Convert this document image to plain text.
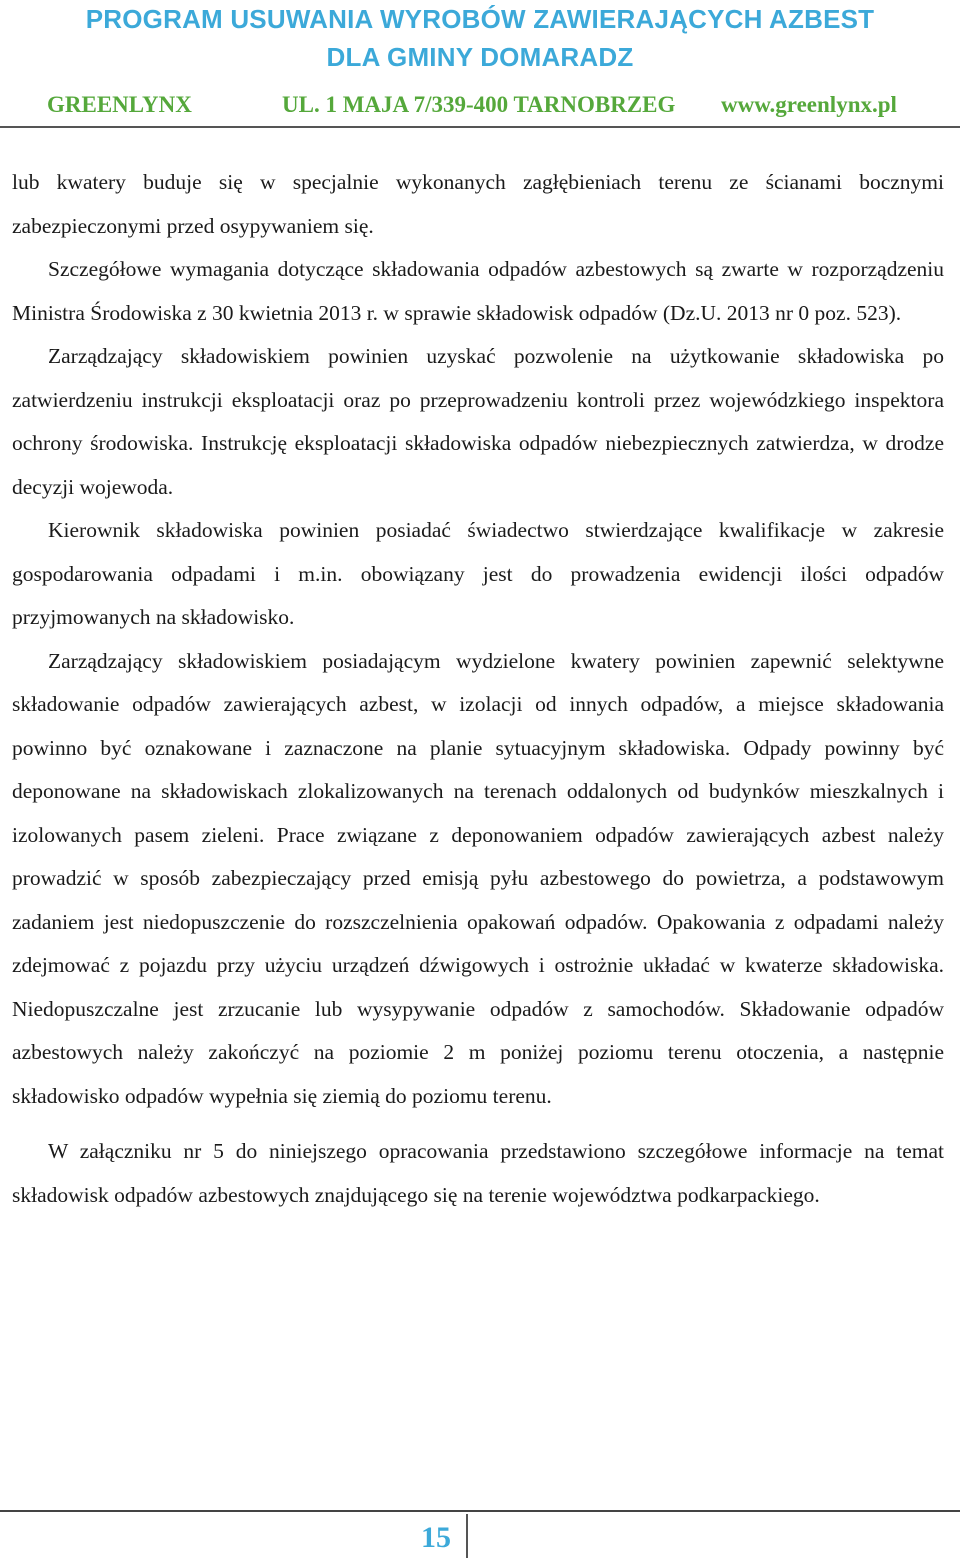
PROGRAM USUWANIA WYROBÓW ZAWIERAJĄCYCH AZBEST
DLA GMINY DOMARADZ
GREENLYNX	UL. 1 MAJA 7/3 39-400 TARNOBRZEG www.greenlynx.pl

lub kwatery buduje się w specjalnie wykonanych zagłębieniach terenu ze ścianami bocznymi zabezpieczonymi przed osypywaniem się.

Szczegółowe wymagania dotyczące składowania odpadów azbestowych są zwarte w rozporządzeniu Ministra Środowiska z 30 kwietnia 2013 r. w sprawie składowisk odpadów (Dz.U. 2013 nr 0 poz. 523).

Zarządzający składowiskiem powinien uzyskać pozwolenie na użytkowanie składowiska po zatwierdzeniu instrukcji eksploatacji oraz po przeprowadzeniu kontroli przez wojewódzkiego inspektora ochrony środowiska. Instrukcję eksploatacji składowiska odpadów niebezpiecznych zatwierdza, w drodze decyzji wojewoda.

Kierownik składowiska powinien posiadać świadectwo stwierdzające kwalifikacje w zakresie gospodarowania odpadami i m.in. obowiązany jest do prowadzenia ewidencji ilości odpadów przyjmowanych na składowisko.

Zarządzający składowiskiem posiadającym wydzielone kwatery powinien zapewnić selektywne składowanie odpadów zawierających azbest, w izolacji od innych odpadów, a miejsce składowania powinno być oznakowane i zaznaczone na planie sytuacyjnym składowiska. Odpady powinny być deponowane na składowiskach zlokalizowanych na terenach oddalonych od budynków mieszkalnych i izolowanych pasem zieleni. Prace związane z deponowaniem odpadów zawierających azbest należy prowadzić w sposób zabezpieczający przed emisją pyłu azbestowego do powietrza, a podstawowym zadaniem jest niedopuszczenie do rozszczelnienia opakowań odpadów. Opakowania z odpadami należy zdejmować z pojazdu przy użyciu urządzeń dźwigowych i ostrożnie układać w kwaterze składowiska. Niedopuszczalne jest zrzucanie lub wysypywanie odpadów z samochodów. Składowanie odpadów azbestowych należy zakończyć na poziomie 2 m poniżej poziomu terenu otoczenia, a następnie składowisko odpadów wypełnia się ziemią do poziomu terenu.

W załączniku nr 5 do niniejszego opracowania przedstawiono szczegółowe informacje na temat składowisk odpadów azbestowych znajdującego się na terenie województwa podkarpackiego.

15
